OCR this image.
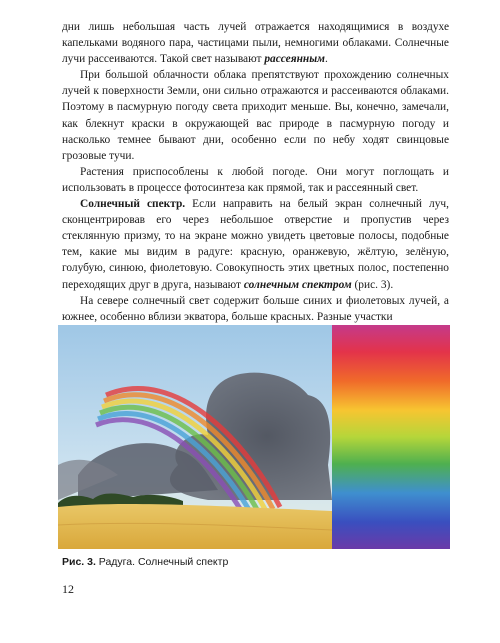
дни лишь небольшая часть лучей отражается находящимися в воздухе капельками водяного пара, частицами пыли, немногими облаками. Солнечные лучи рассеиваются. Такой свет называют рассеянным.

При большой облачности облака препятствуют прохождению солнечных лучей к поверхности Земли, они сильно отражаются и рассеиваются облаками. Поэтому в пасмурную погоду света приходит меньше. Вы, конечно, замечали, как блекнут краски в окружающей вас природе в пасмурную погоду и насколько темнее бывают дни, особенно если по небу ходят свинцовые грозовые тучи.

Растения приспособлены к любой погоде. Они могут поглощать и использовать в процессе фотосинтеза как прямой, так и рассеянный свет.

Солнечный спектр. Если направить на белый экран солнечный луч, сконцентрировав его через небольшое отверстие и пропустив через стеклянную призму, то на экране можно увидеть цветовые полосы, подобные тем, какие мы видим в радуге: красную, оранжевую, жёлтую, зелёную, голубую, синюю, фиолетовую. Совокупность этих цветных полос, постепенно переходящих друг в друга, называют солнечным спектром (рис. 3).

На севере солнечный свет содержит больше синих и фиолетовых лучей, а южнее, особенно вблизи экватора, больше красных. Разные участки

Рис. 3. Радуга. Солнечный спектр
12
